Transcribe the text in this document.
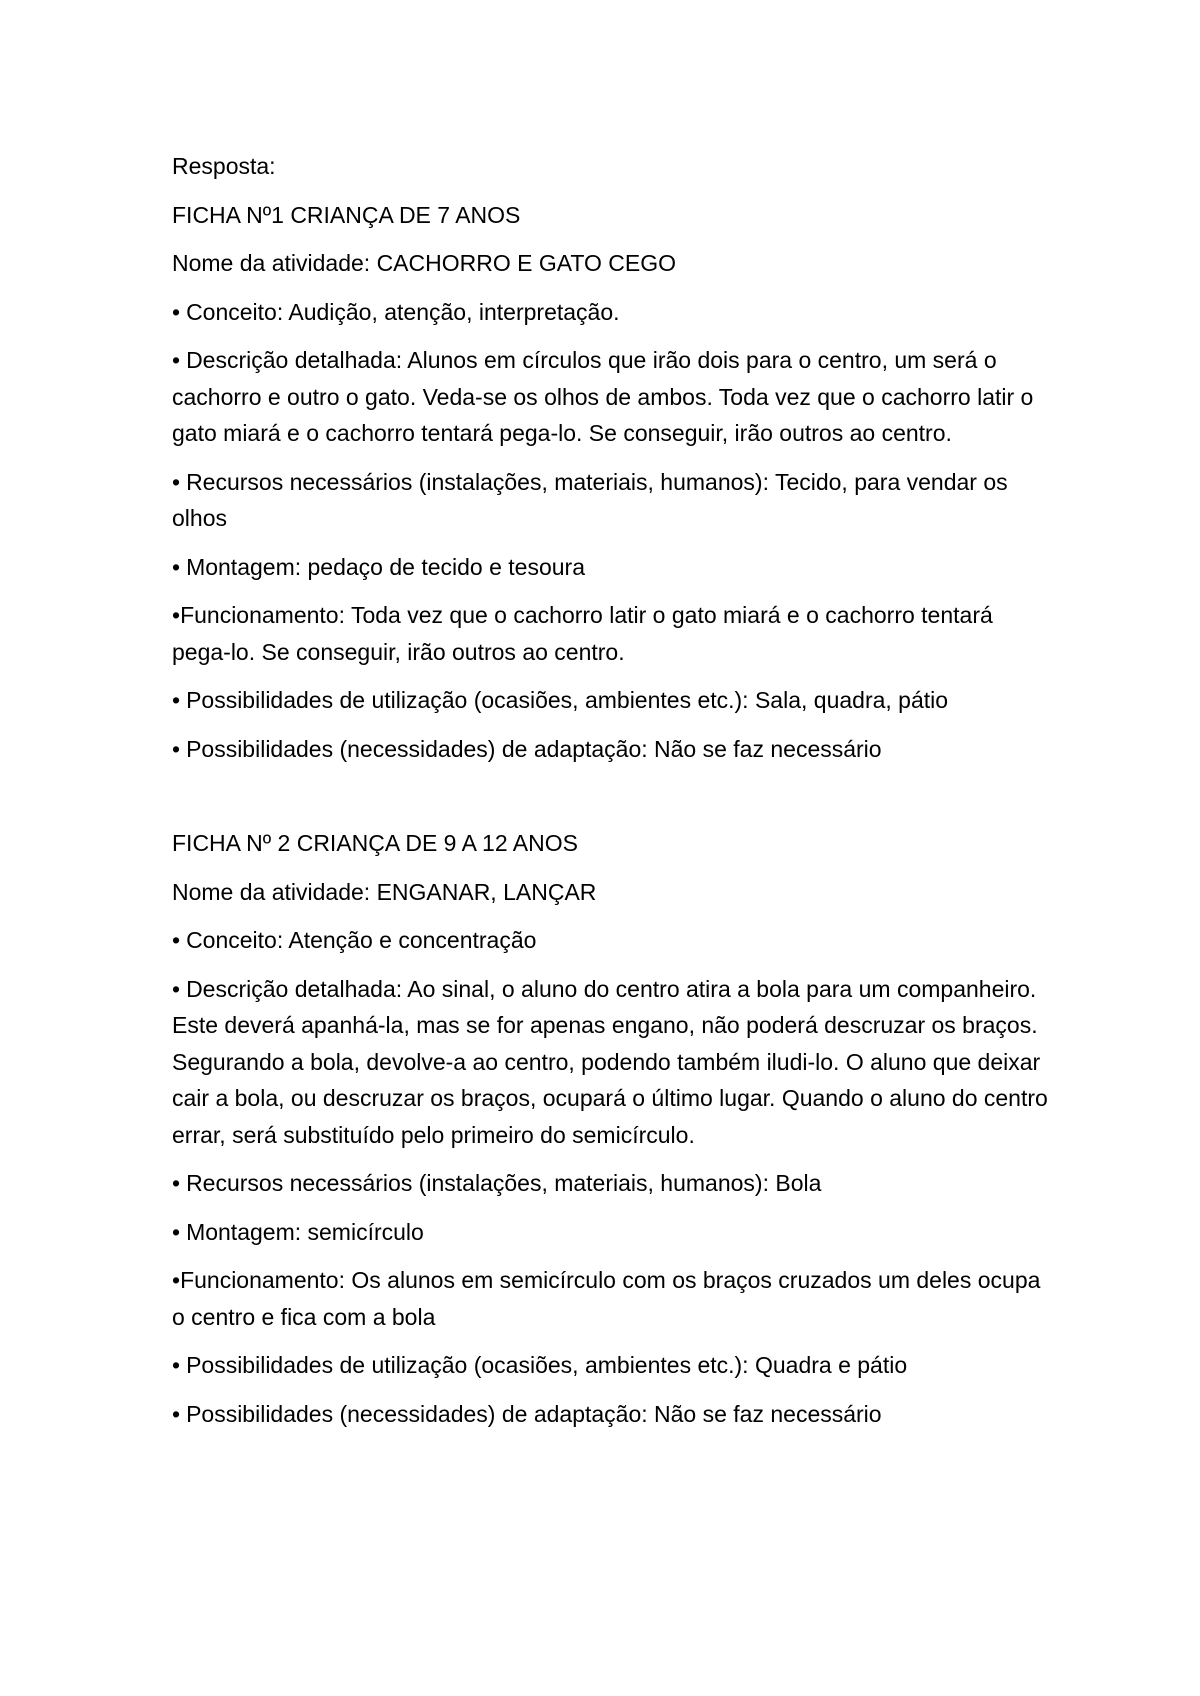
Resposta:

FICHA Nº1 CRIANÇA DE 7 ANOS

Nome da atividade: CACHORRO E GATO CEGO

• Conceito: Audição, atenção, interpretação.

• Descrição detalhada: Alunos em círculos que irão dois para o centro, um será o cachorro e outro o gato. Veda-se os olhos de ambos. Toda vez que o cachorro latir o gato miará e o cachorro tentará pega-lo. Se conseguir, irão outros ao centro.

• Recursos necessários (instalações, materiais, humanos): Tecido, para vendar os olhos

• Montagem: pedaço de tecido e tesoura

•Funcionamento: Toda vez que o cachorro latir o gato miará e o cachorro tentará pega-lo. Se conseguir, irão outros ao centro.

• Possibilidades de utilização (ocasiões, ambientes etc.): Sala, quadra, pátio

• Possibilidades (necessidades) de adaptação: Não se faz necessário

FICHA Nº 2 CRIANÇA DE 9 A 12 ANOS

Nome da atividade: ENGANAR, LANÇAR

• Conceito: Atenção e concentração

• Descrição detalhada: Ao sinal, o aluno do centro atira a bola para um companheiro. Este deverá apanhá-la, mas se for apenas engano, não poderá descruzar os braços. Segurando a bola, devolve-a ao centro, podendo também iludi-lo. O aluno que deixar cair a bola, ou descruzar os braços, ocupará o último lugar. Quando o aluno do centro errar, será substituído pelo primeiro do semicírculo.

• Recursos necessários (instalações, materiais, humanos): Bola

• Montagem: semicírculo

•Funcionamento: Os alunos em semicírculo com os braços cruzados um deles ocupa o centro e fica com a bola

• Possibilidades de utilização (ocasiões, ambientes etc.): Quadra e pátio

• Possibilidades (necessidades) de adaptação: Não se faz necessário
